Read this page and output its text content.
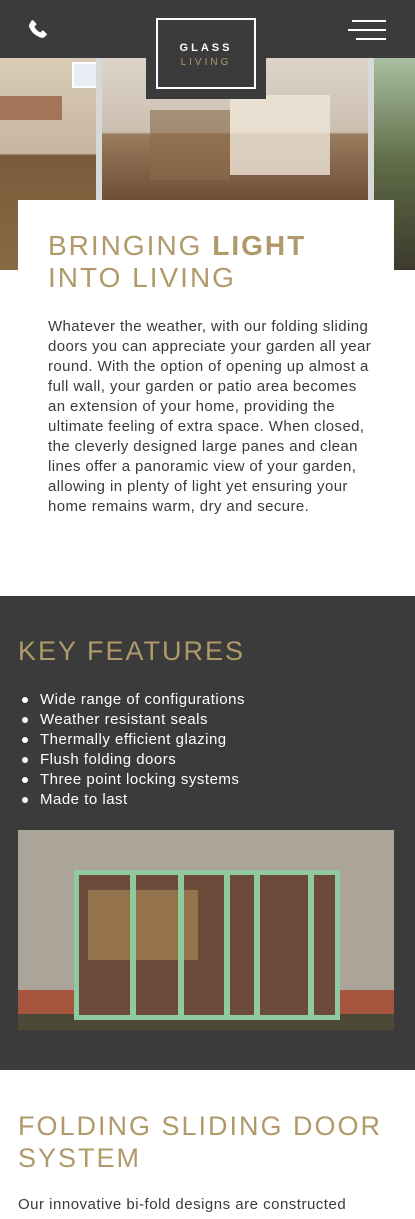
GLASS
LIVING
BRINGING LIGHT
INTO LIVING

Whatever the weather, with our folding sliding doors you can appreciate your garden all year round. With the option of opening up almost a full wall, your garden or patio area becomes an extension of your home, providing the ultimate feeling of extra space. When closed, the cleverly designed large panes and clean lines offer a panoramic view of your garden, allowing in plenty of light yet ensuring your home remains warm, dry and secure.

KEY FEATURES
Wide range of configurations
Weather resistant seals
Thermally efficient glazing
Flush folding doors
Three point locking systems
Made to last
FOLDING SLIDING DOOR SYSTEM

Our innovative bi-fold designs are constructed
